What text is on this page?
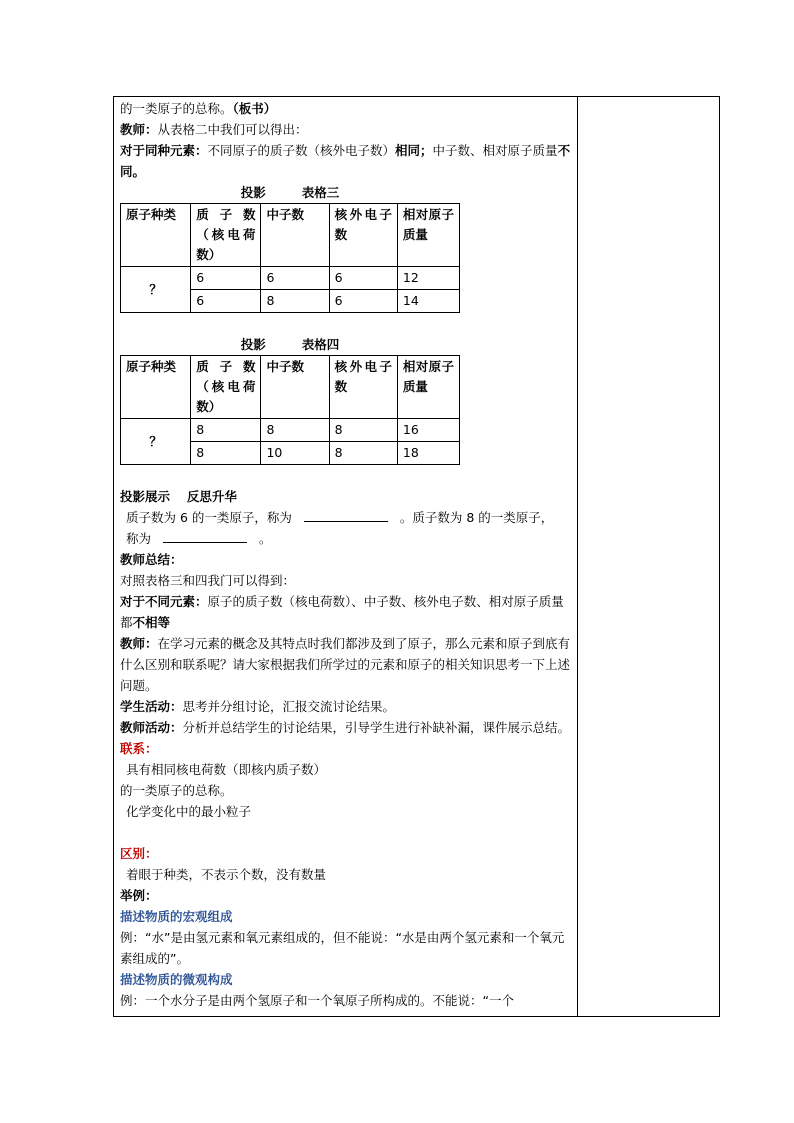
的一类原子的总称。（板书）

教师：从表格二中我们可以得出：

对于同种元素：不同原子的质子数（核外电子数）相同；中子数、相对原子质量不同。

投影	表格三

原子种类	质子数（核电荷数）	中子数	核外电子数	相对原子质量
？	6	6	6	12
	6	8	6	14

投影	表格四

原子种类	质子数（核电荷数）	中子数	核外电子数	相对原子质量
？	8	8	8	16
	8	10	8	18

投影展示　 反思升华

质子数为 6 的一类原子，称为	。质子数为 8 的一类原子，

称为	。

教师总结：

对照表格三和四我门可以得到：

对于不同元素：原子的质子数（核电荷数）、中子数、核外电子数、相对原子质量都不相等

教师：在学习元素的概念及其特点时我们都涉及到了原子，那么元素和原子到底有什么区别和联系呢？请大家根据我们所学过的元素和原子的相关知识思考一下上述问题。

学生活动：思考并分组讨论，汇报交流讨论结果。

教师活动：分析并总结学生的讨论结果，引导学生进行补缺补漏，课件展示总结。

联系：

具有相同核电荷数（即核内质子数）

的一类原子的总称。

化学变化中的最小粒子

区别：

着眼于种类，不表示个数，没有数量

举例：

描述物质的宏观组成

例：“水”是由氢元素和氧元素组成的，但不能说：“水是由两个氢元素和一个氧元素组成的”。

描述物质的微观构成

例：一个水分子是由两个氢原子和一个氧原子所构成的。不能说：“一个
